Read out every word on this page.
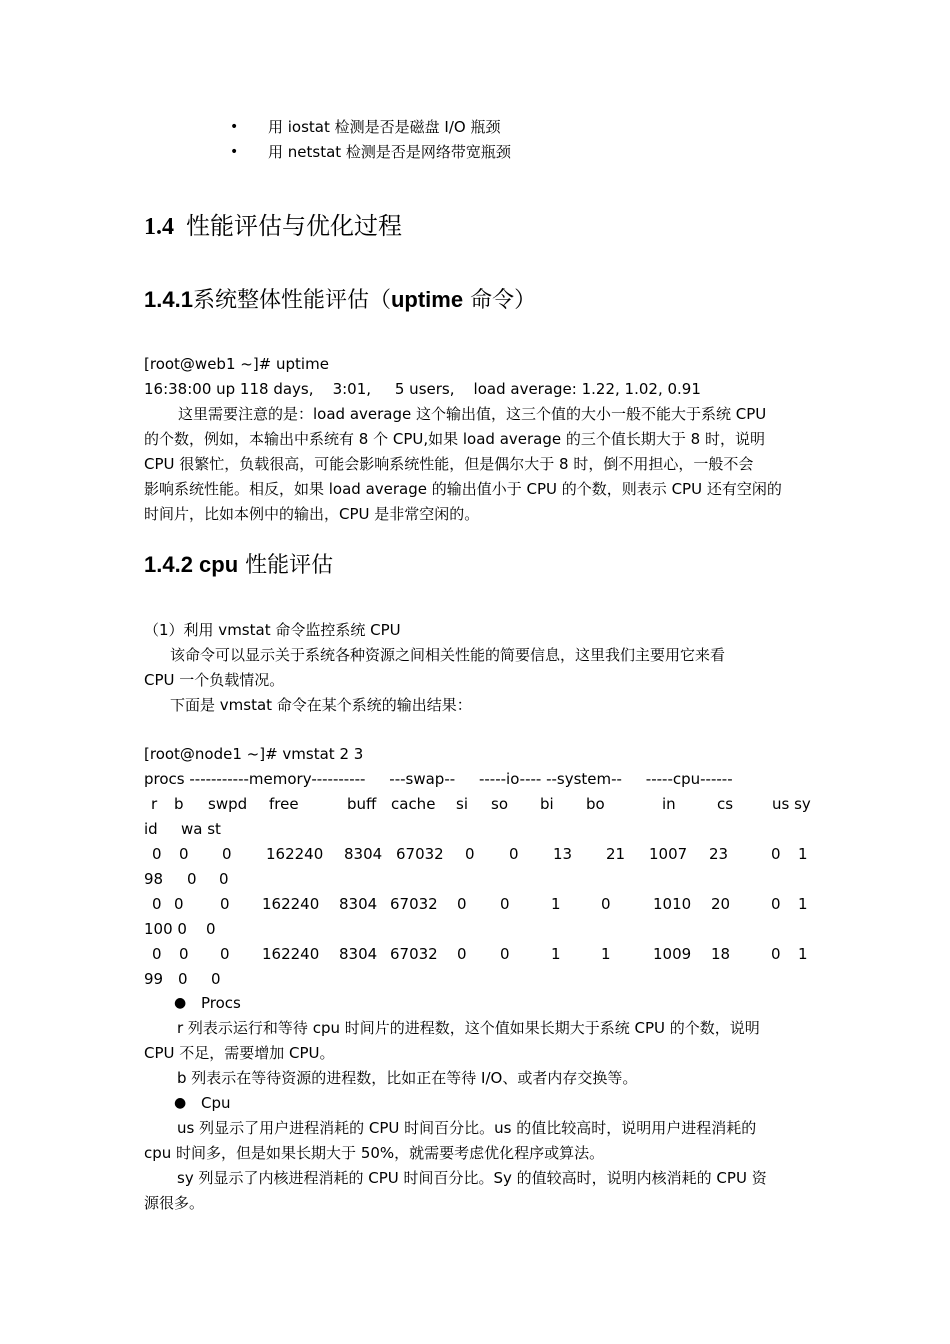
• 用 iostat 检测是否是磁盘 I/O 瓶颈
• 用 netstat 检测是否是网络带宽瓶颈
1.4 性能评估与优化过程
1.4.1系统整体性能评估（uptime 命令）
[root@web1 ~]# uptime
16:38:00 up 118 days,    3:01,     5 users,    load average: 1.22, 1.02, 0.91
这里需要注意的是：load average 这个输出值，这三个值的大小一般不能大于系统 CPU
的个数，例如，本输出中系统有 8 个 CPU,如果 load average 的三个值长期大于 8 时，说明
CPU 很繁忙，负载很高，可能会影响系统性能，但是偶尔大于 8 时，倒不用担心，一般不会
影响系统性能。相反，如果 load average 的输出值小于 CPU 的个数，则表示 CPU 还有空闲的
时间片，比如本例中的输出，CPU 是非常空闲的。
1.4.2 cpu 性能评估
（1）利用 vmstat 命令监控系统 CPU
该命令可以显示关于系统各种资源之间相关性能的简要信息，这里我们主要用它来看
CPU 一个负载情况。
下面是 vmstat 命令在某个系统的输出结果：
[root@node1 ~]# vmstat 2 3
procs -----------memory----------     ---swap--     -----io---- --system--     -----cpu------
r b swpd free	buff cache si so bi bo	in	cs	us sy
id wa st
0 0 0 162240 8304 67032 0 0 13 21 1007 23	0 1
98 0 0
0 0 0 162240 8304 67032 0 0	1	0	1010 20	0 1
100 0 0
0 0 0 162240 8304 67032 0 0	1	1	1009 18	0 1
99 0 0
● Procs
r 列表示运行和等待 cpu 时间片的进程数，这个值如果长期大于系统 CPU 的个数，说明
CPU 不足，需要增加 CPU。
b 列表示在等待资源的进程数，比如正在等待 I/O、或者内存交换等。
● Cpu
us 列显示了用户进程消耗的 CPU 时间百分比。us 的值比较高时，说明用户进程消耗的
cpu 时间多，但是如果长期大于 50%，就需要考虑优化程序或算法。
sy 列显示了内核进程消耗的 CPU 时间百分比。Sy 的值较高时，说明内核消耗的 CPU 资
源很多。
